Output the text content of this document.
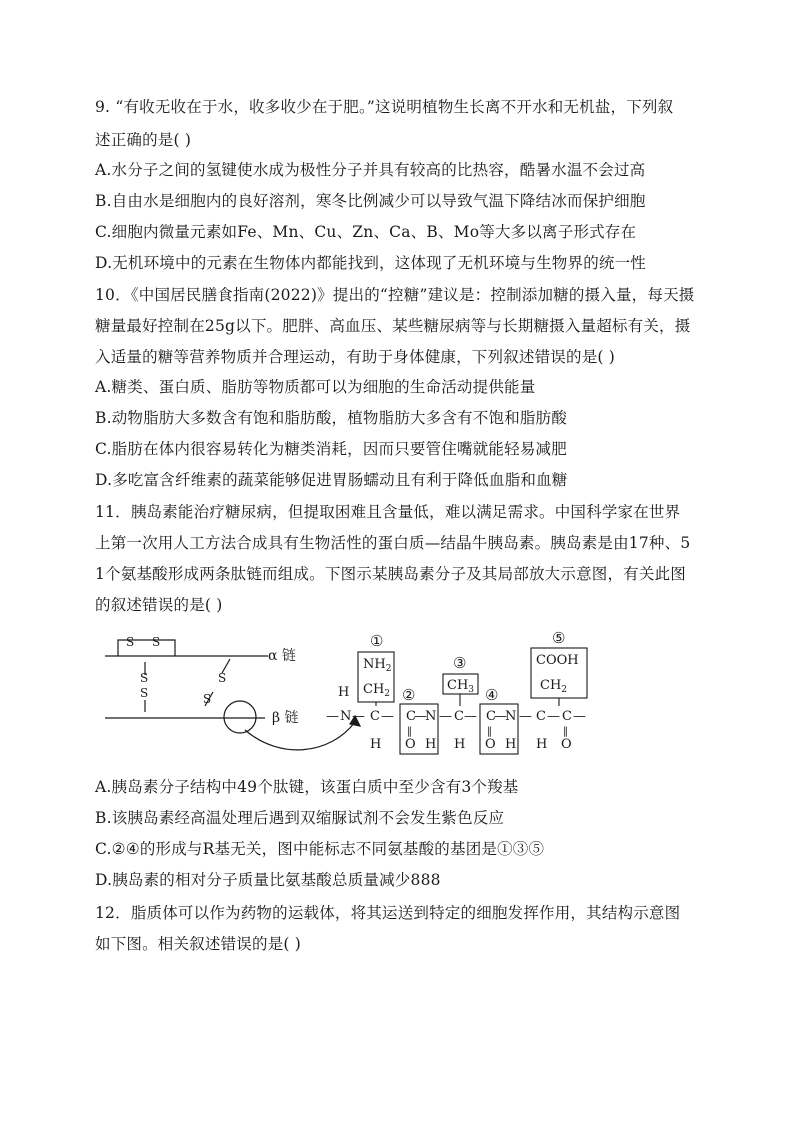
9. “有收无收在于水，收多收少在于肥。”这说明植物生长离不开水和无机盐，下列叙
述正确的是( )
A.水分子之间的氢键使水成为极性分子并具有较高的比热容，酷暑水温不会过高
B.自由水是细胞内的良好溶剂，寒冬比例减少可以导致气温下降结冰而保护细胞
C.细胞内微量元素如Fe、Mn、Cu、Zn、Ca、B、Mo等大多以离子形式存在
D.无机环境中的元素在生物体内都能找到，这体现了无机环境与生物界的统一性
10．《中国居民膳食指南(2022)》提出的“控糖”建议是：控制添加糖的摄入量，每天摄
糖量最好控制在25g以下。肥胖、高血压、某些糖尿病等与长期糖摄入量超标有关，摄
入适量的糖等营养物质并合理运动，有助于身体健康，下列叙述错误的是( )
A.糖类、蛋白质、脂肪等物质都可以为细胞的生命活动提供能量
B.动物脂肪大多数含有饱和脂肪酸，植物脂肪大多含有不饱和脂肪酸
C.脂肪在体内很容易转化为糖类消耗，因而只要管住嘴就能轻易减肥
D.多吃富含纤维素的蔬菜能够促进胃肠蠕动且有利于降低血脂和血糖
11．胰岛素能治疗糖尿病，但提取困难且含量低，难以满足需求。中国科学家在世界
上第一次用人工方法合成具有生物活性的蛋白质—结晶牛胰岛素。胰岛素是由17种、5
1个氨基酸形成两条肽链而组成。下图示某胰岛素分子及其局部放大示意图，有关此图
的叙述错误的是( )
S S
S
S
S
S
α 链
β 链
①
②
③
④
⑤
$NH_2$
$CH_2$
$CH_3$
COOH
$CH_2$
H
— N — C —
H
C
—
N
‖
O H
— C —
H
C
—
N
‖
O H
— C —
H
C —
‖
O
A.胰岛素分子结构中49个肽键，该蛋白质中至少含有3个羧基
B.该胰岛素经高温处理后遇到双缩脲试剂不会发生紫色反应
C.②④的形成与R基无关，图中能标志不同氨基酸的基团是①③⑤
D.胰岛素的相对分子质量比氨基酸总质量减少888
12．脂质体可以作为药物的运载体，将其运送到特定的细胞发挥作用，其结构示意图
如下图。相关叙述错误的是( )
